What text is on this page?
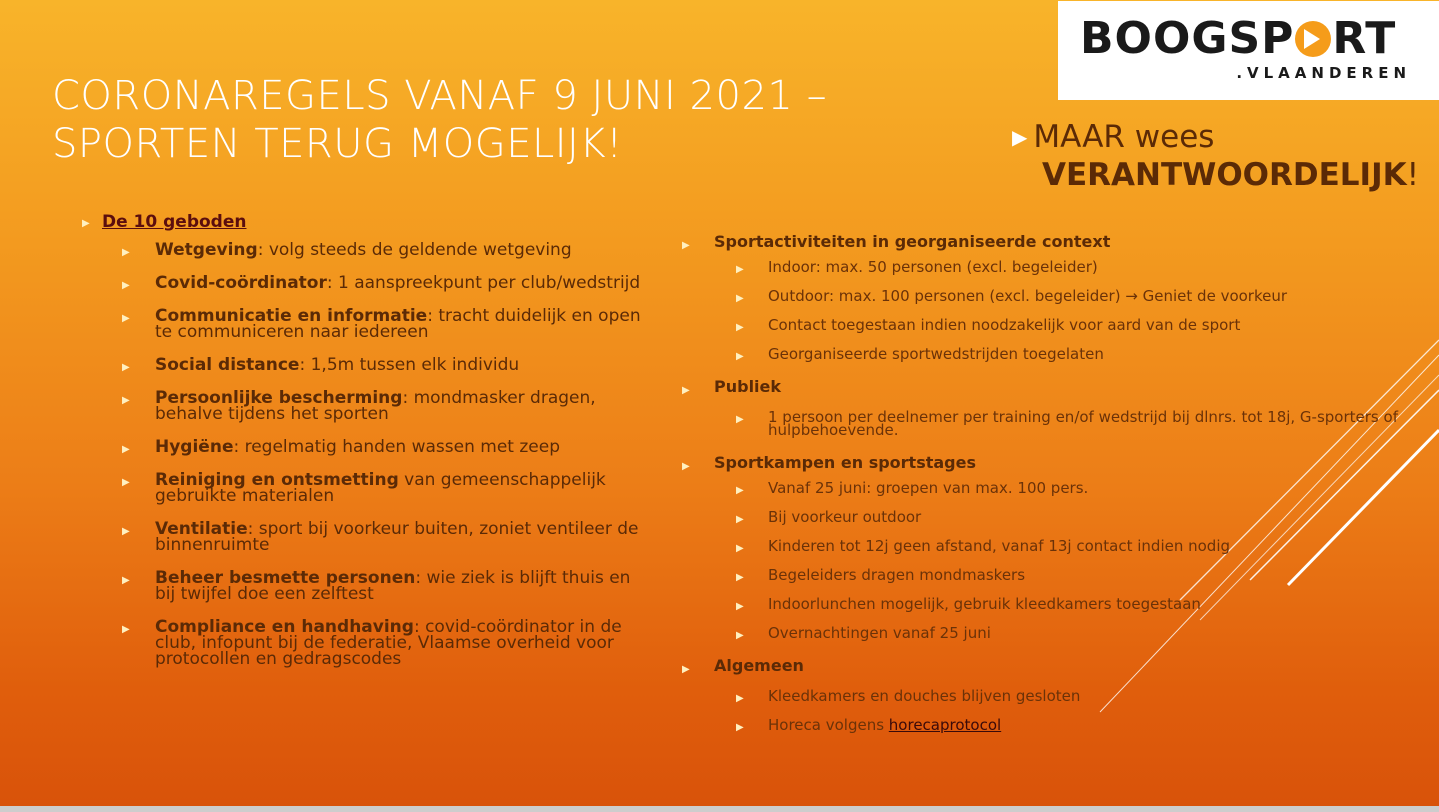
CORONAREGELS VANAF 9 JUNI 2021 –
SPORTEN TERUG MOGELIJK!
BOOGSP RT
.VLAANDEREN
▶ MAAR wees
VERANTWOORDELIJK!
▶ De 10 geboden
▶	Wetgeving: volg steeds de geldende wetgeving
▶	Covid-coördinator: 1 aanspreekpunt per club/wedstrijd
▶	Communicatie en informatie: tracht duidelijk en open te communiceren naar iedereen
▶	Social distance: 1,5m tussen elk individu
▶	Persoonlijke bescherming: mondmasker dragen, behalve tijdens het sporten
▶	Hygiëne: regelmatig handen wassen met zeep
▶	Reiniging en ontsmetting van gemeenschappelijk gebruikte materialen
▶	Ventilatie: sport bij voorkeur buiten, zoniet ventileer de binnenruimte
▶	Beheer besmette personen: wie ziek is blijft thuis en bij twijfel doe een zelftest
▶	Compliance en handhaving: covid-coördinator in de club, infopunt bij de federatie, Vlaamse overheid voor protocollen en gedragscodes
▶	Sportactiviteiten in georganiseerde context
▶	Indoor: max. 50 personen (excl. begeleider)
▶	Outdoor: max. 100 personen (excl. begeleider) → Geniet de voorkeur
▶	Contact toegestaan indien noodzakelijk voor aard van de sport
▶	Georganiseerde sportwedstrijden toegelaten
▶	Publiek
▶	1 persoon per deelnemer per training en/of wedstrijd bij dlnrs. tot 18j, G-sporters of hulpbehoevende.
▶	Sportkampen en sportstages
▶	Vanaf 25 juni: groepen van max. 100 pers.
▶	Bij voorkeur outdoor
▶	Kinderen tot 12j geen afstand, vanaf 13j contact indien nodig
▶	Begeleiders dragen mondmaskers
▶	Indoorlunchen mogelijk, gebruik kleedkamers toegestaan
▶	Overnachtingen vanaf 25 juni
▶	Algemeen
▶	Kleedkamers en douches blijven gesloten
▶	Horeca volgens horecaprotocol
